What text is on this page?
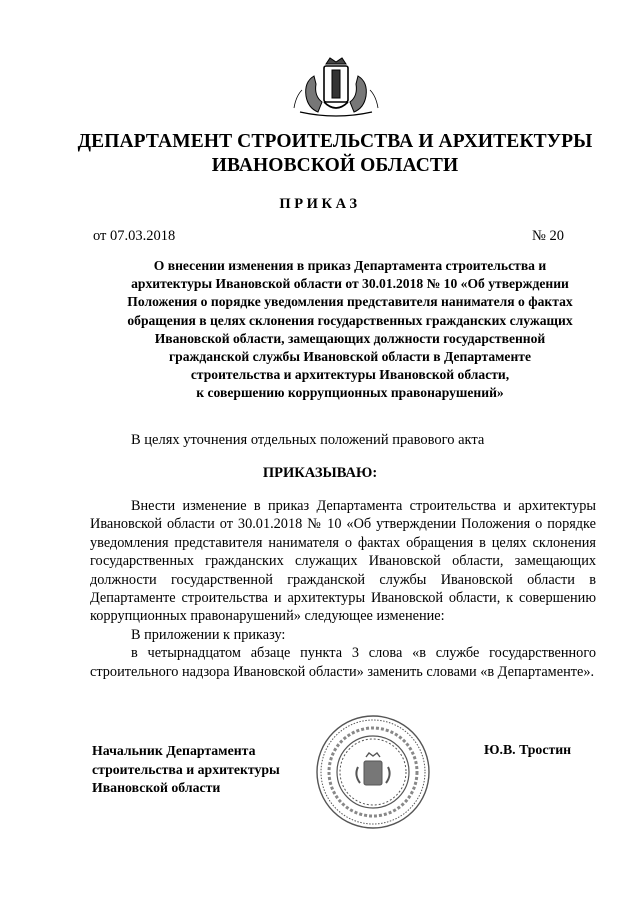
ДЕПАРТАМЕНТ СТРОИТЕЛЬСТВА И АРХИТЕКТУРЫ
ИВАНОВСКОЙ ОБЛАСТИ
ПРИКАЗ
от 07.03.2018	№ 20
О внесении изменения в приказ Департамента строительства и
архитектуры Ивановской области от 30.01.2018 № 10 «Об утверждении
Положения о порядке уведомления представителя нанимателя о фактах
обращения в целях склонения государственных гражданских служащих
Ивановской области, замещающих должности государственной
гражданской службы Ивановской области в Департаменте
строительства и архитектуры Ивановской области,
к совершению коррупционных правонарушений»
В целях уточнения отдельных положений правового акта
ПРИКАЗЫВАЮ:

Внести изменение в приказ Департамента строительства и архитектуры Ивановской области от 30.01.2018 № 10 «Об утверждении Положения о порядке уведомления представителя нанимателя о фактах обращения в целях склонения государственных гражданских служащих Ивановской области, замещающих должности государственной гражданской службы Ивановской области в Департаменте строительства и архитектуры Ивановской области, к совершению коррупционных правонарушений» следующее изменение:

В приложении к приказу:

в четырнадцатом абзаце пункта 3 слова «в службе государственного строительного надзора Ивановской области» заменить словами «в Департаменте».

Начальник Департамента
строительства и архитектуры
Ивановской области
Ю.В. Тростин
